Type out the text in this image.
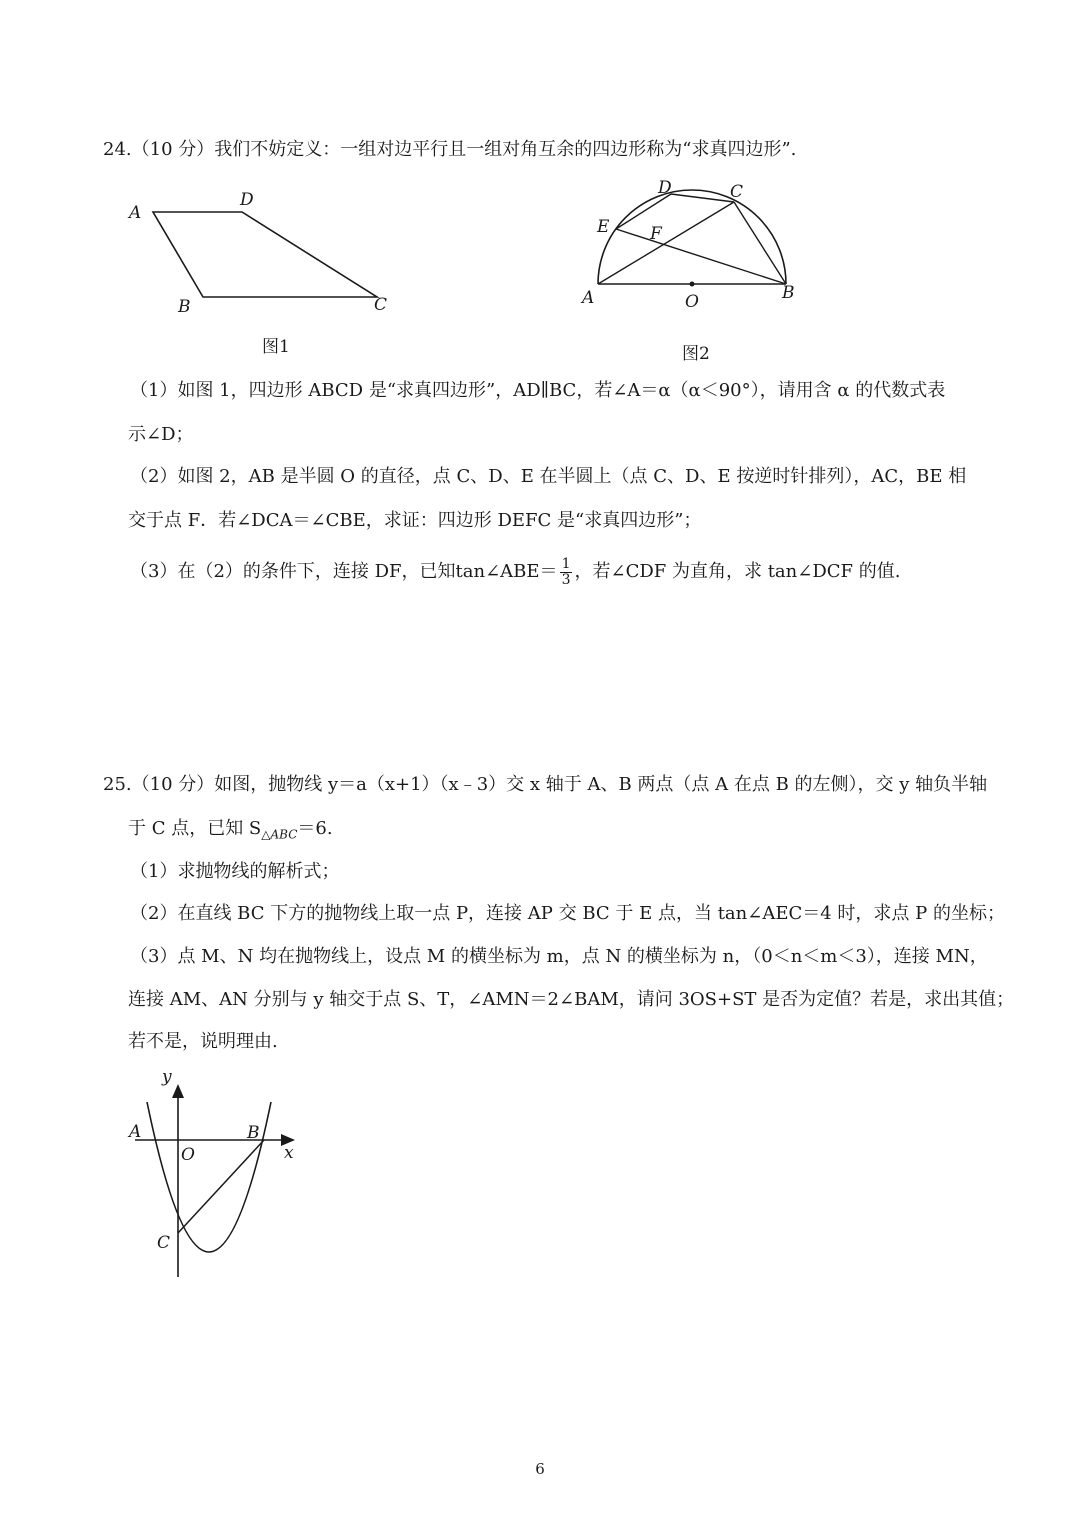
24.（10 分）我们不妨定义：一组对边平行且一组对角互余的四边形称为“求真四边形”.
A
D
B	C
图1
D	C
E F
A	O	B
图2
（1）如图 1，四边形 ABCD 是“求真四边形”，AD∥BC，若∠A＝α（α＜90°），请用含 α 的代数式表
示∠D；
（2）如图 2，AB 是半圆 O 的直径，点 C、D、E 在半圆上（点 C、D、E 按逆时针排列），AC，BE 相
交于点 F．若∠DCA＝∠CBE，求证：四边形 DEFC 是“求真四边形”；
（3）在（2）的条件下，连接 DF，已知tan∠ABE＝ $\frac{1}{3}$ ，若∠CDF 为直角，求 tan∠DCF 的值.
25.（10 分）如图，抛物线 y＝a（x+1）（x﹣3）交 x 轴于 A、B 两点（点 A 在点 B 的左侧），交 y 轴负半轴
于 C 点，已知 $S_{\triangle ABC}=6$.
（1）求抛物线的解析式；
（2）在直线 BC 下方的抛物线上取一点 P，连接 AP 交 BC 于 E 点，当 tan∠AEC＝4 时，求点 P 的坐标；
（3）点 M、N 均在抛物线上，设点 M 的横坐标为 m，点 N 的横坐标为 n，（0＜n＜m＜3），连接 MN，
连接 AM、AN 分别与 y 轴交于点 S、T，∠AMN＝2∠BAM，请问 3OS+ST 是否为定值？若是，求出其值；
若不是，说明理由.
y
A	B
O	x
C
6
